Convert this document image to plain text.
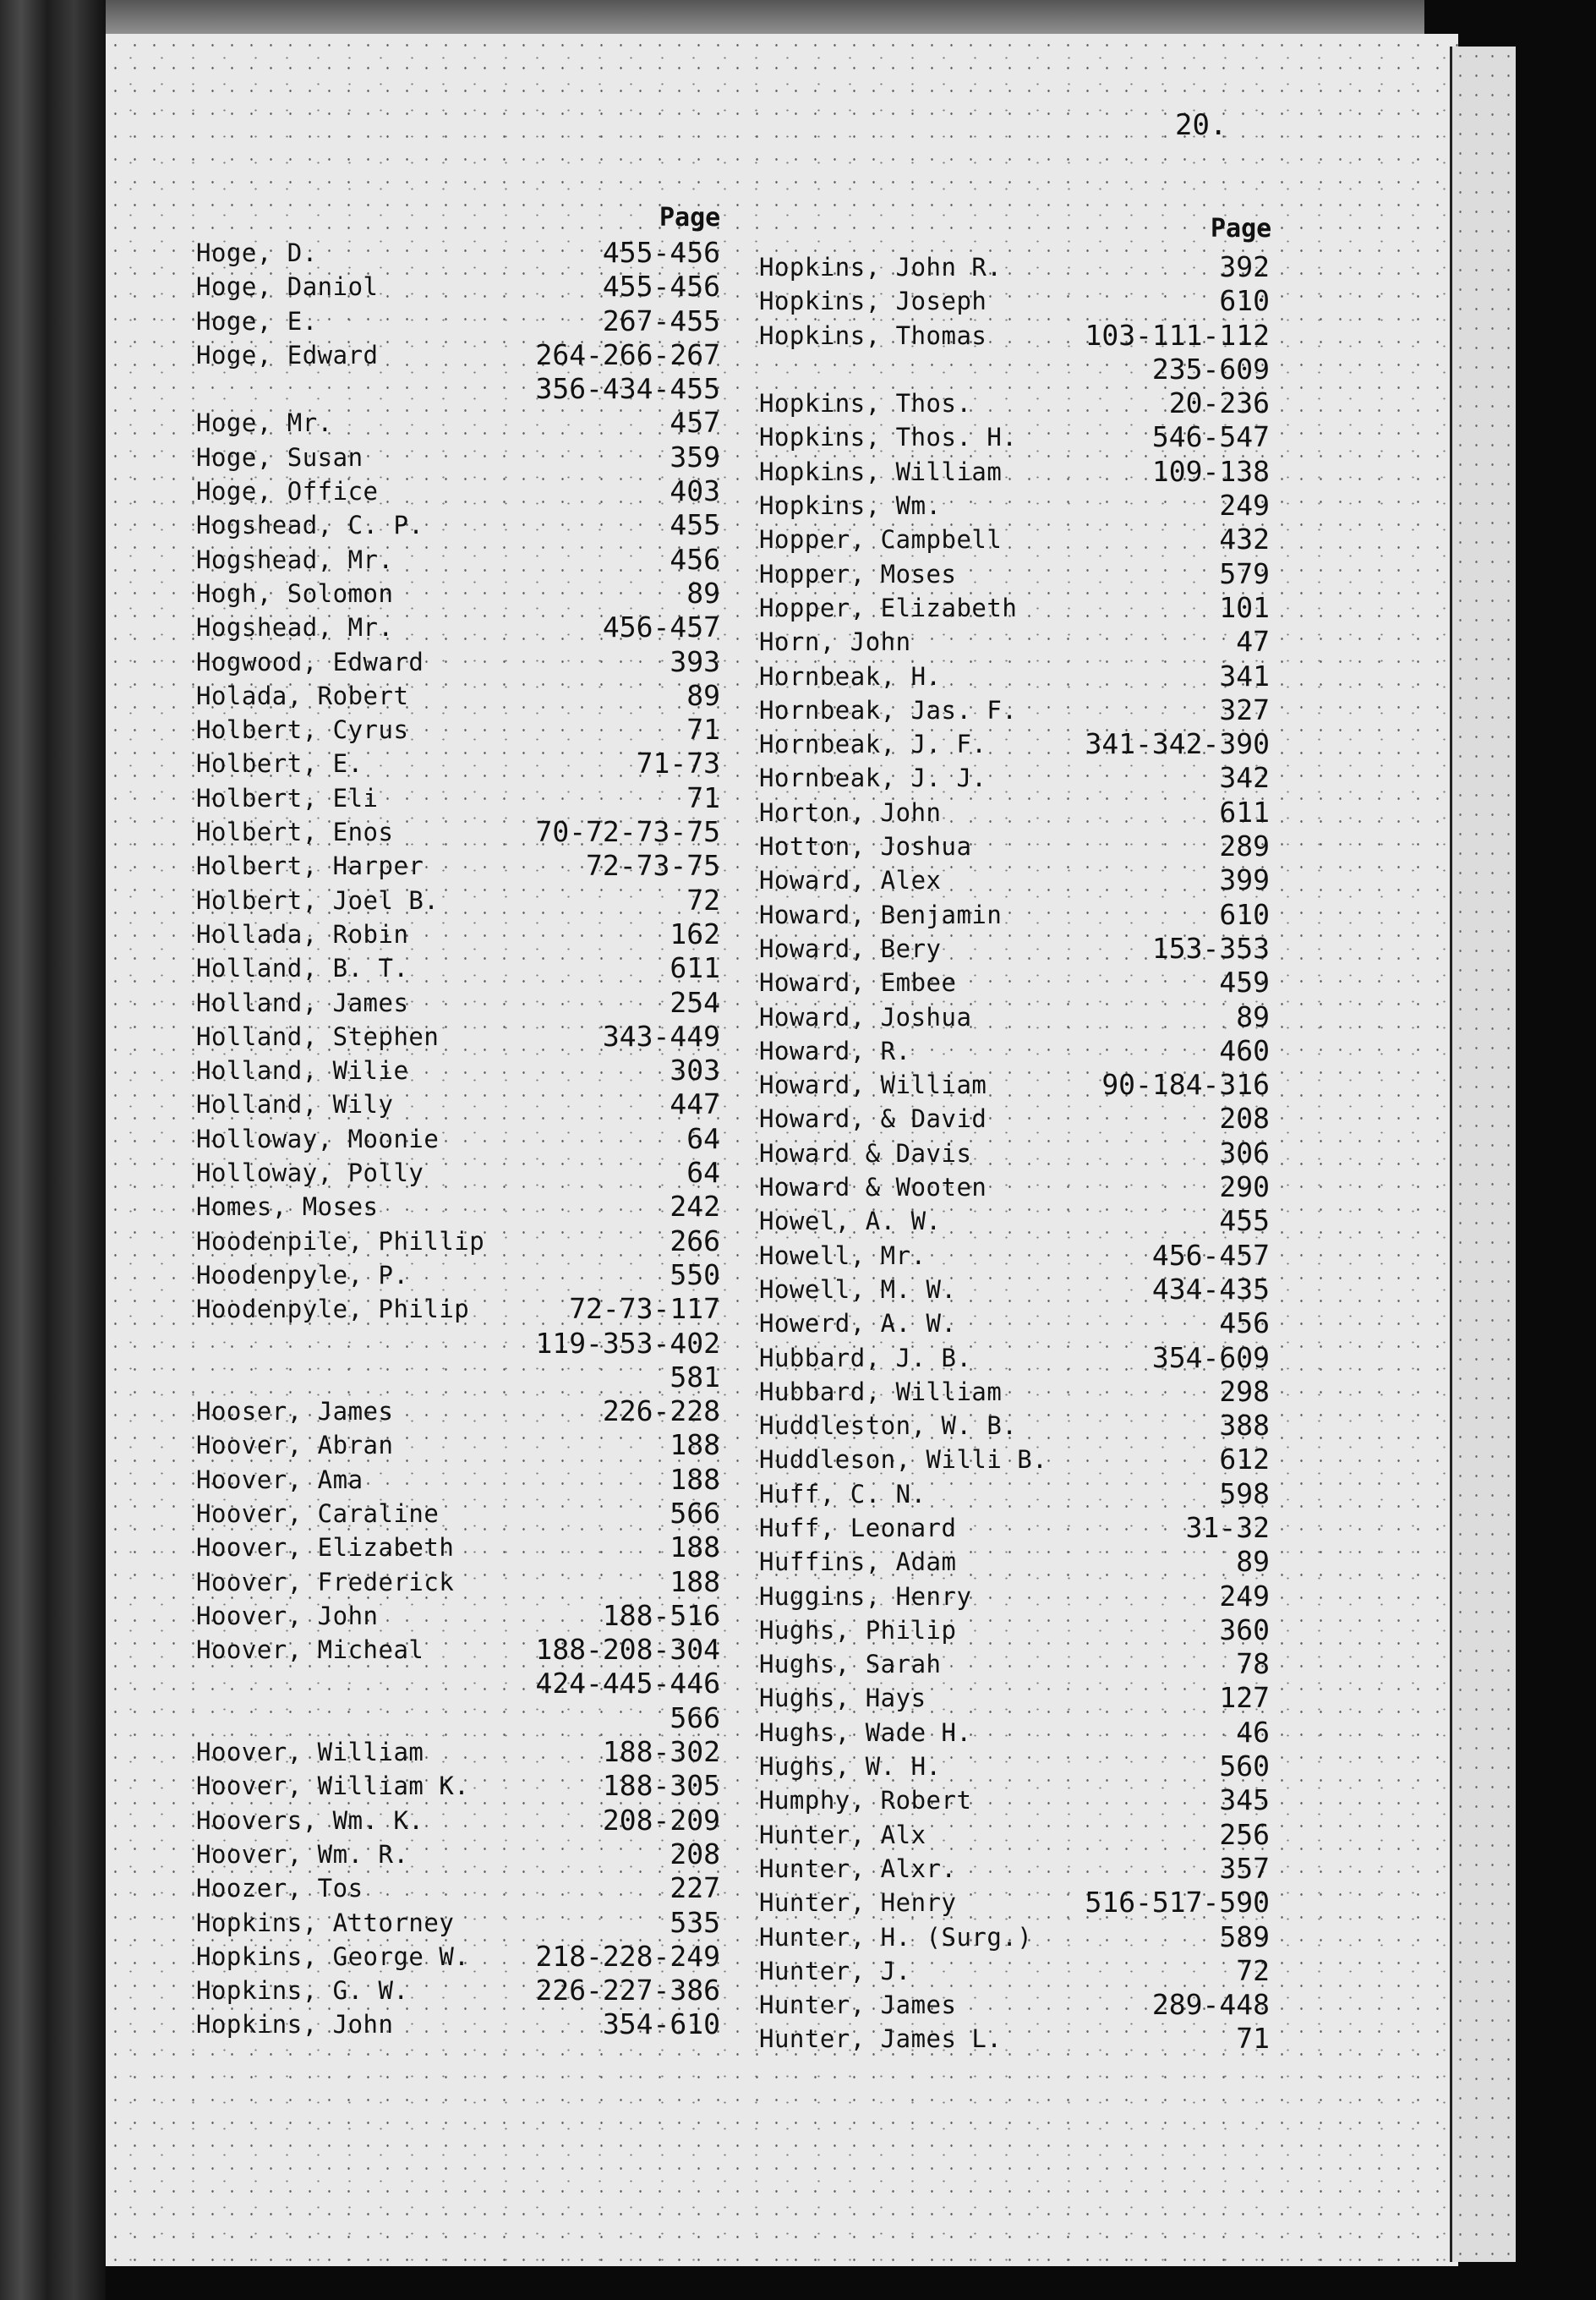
20.
Page	Page
Hoge, D.	455-456
Hoge, Daniol	455-456
Hoge, E.	267-455
Hoge, Edward	264-266-267
356-434-455
Hoge, Mr.	457
Hoge, Susan	359
Hoge, Office	403
Hogshead, C. P.	455
Hogshead, Mr.	456
Hogh, Solomon	89
Hogshead, Mr.	456-457
Hogwood, Edward	393
Holada, Robert	89
Holbert, Cyrus	71
Holbert, E.	71-73
Holbert, Eli	71
Holbert, Enos	70-72-73-75
Holbert, Harper	72-73-75
Holbert, Joel B.	72
Hollada, Robin	162
Holland, B. T.	611
Holland, James	254
Holland, Stephen	343-449
Holland, Wilie	303
Holland, Wily	447
Holloway, Moonie	64
Holloway, Polly	64
Homes, Moses	242
Hoodenpile, Phillip	266
Hoodenpyle, P.	550
Hoodenpyle, Philip	72-73-117
119-353-402
581
Hooser, James	226-228
Hoover, Abran	188
Hoover, Ama	188
Hoover, Caraline	566
Hoover, Elizabeth	188
Hoover, Frederick	188
Hoover, John	188-516
Hoover, Micheal	188-208-304
424-445-446
566
Hoover, William	188-302
Hoover, William K.	188-305
Hoovers, Wm. K.	208-209
Hoover, Wm. R.	208
Hoozer, Tos	227
Hopkins, Attorney	535
Hopkins, George W. 218-228-249
Hopkins, G. W.	226-227-386
Hopkins, John	354-610
Hopkins, John R.	392
Hopkins, Joseph	610
Hopkins, Thomas	103-111-112
235-609
Hopkins, Thos.	20-236
Hopkins, Thos. H.	546-547
Hopkins, William	109-138
Hopkins, Wm.	249
Hopper, Campbell	432
Hopper, Moses	579
Hopper, Elizabeth	101
Horn, John	47
Hornbeak, H.	341
Hornbeak, Jas. F.	327
Hornbeak, J. F.	341-342-390
Hornbeak, J. J.	342
Horton, John	611
Hotton, Joshua	289
Howard, Alex	399
Howard, Benjamin	610
Howard, Bery	153-353
Howard, Embee	459
Howard, Joshua	89
Howard, R.	460
Howard, William	90-184-316
Howard, & David	208
Howard & Davis	306
Howard & Wooten	290
Howel, A. W.	455
Howell, Mr.	456-457
Howell, M. W.	434-435
Howerd, A. W.	456
Hubbard, J. B.	354-609
Hubbard, William	298
Huddleston, W. B.	388
Huddleson, Willi B.	612
Huff, C. N.	598
Huff, Leonard	31-32
Huffins, Adam	89
Huggins, Henry	249
Hughs, Philip	360
Hughs, Sarah	78
Hughs, Hays	127
Hughs, Wade H.	46
Hughs, W. H.	560
Humphy, Robert	345
Hunter, Alx	256
Hunter, Alxr.	357
Hunter, Henry	516-517-590
Hunter, H. (Surg.)	589
Hunter, J.	72
Hunter, James	289-448
Hunter, James L.	71
